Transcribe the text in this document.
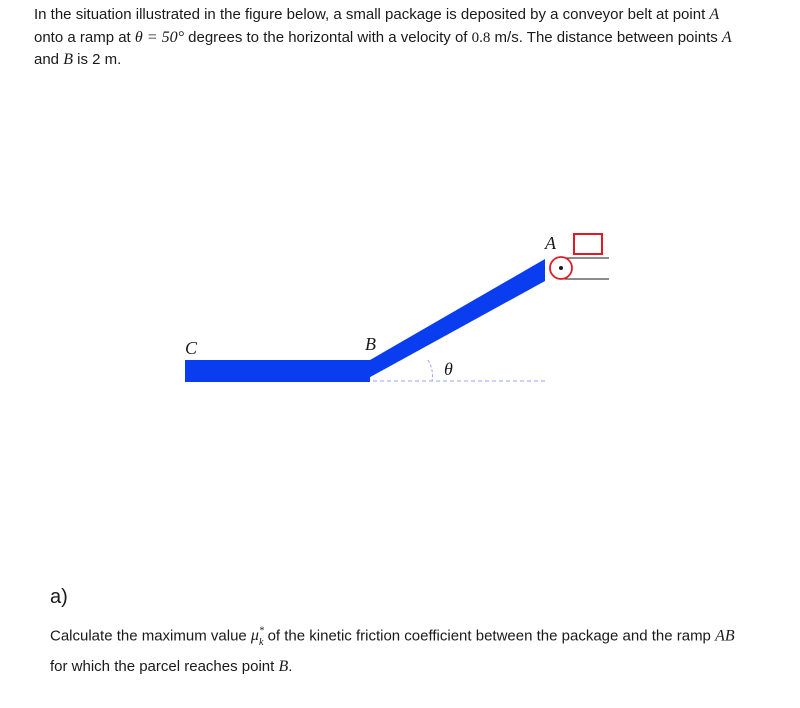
In the situation illustrated in the figure below, a small package is deposited by a conveyor belt at point A
onto a ramp at θ = 50° degrees to the horizontal with a velocity of 0.8 m/s. The distance between points A
and B is 2 m.
A
B
C
θ
a)
Calculate the maximum value $\mu^*_k$ of the kinetic friction coefficient between the package and the ramp AB
for which the parcel reaches point B.
